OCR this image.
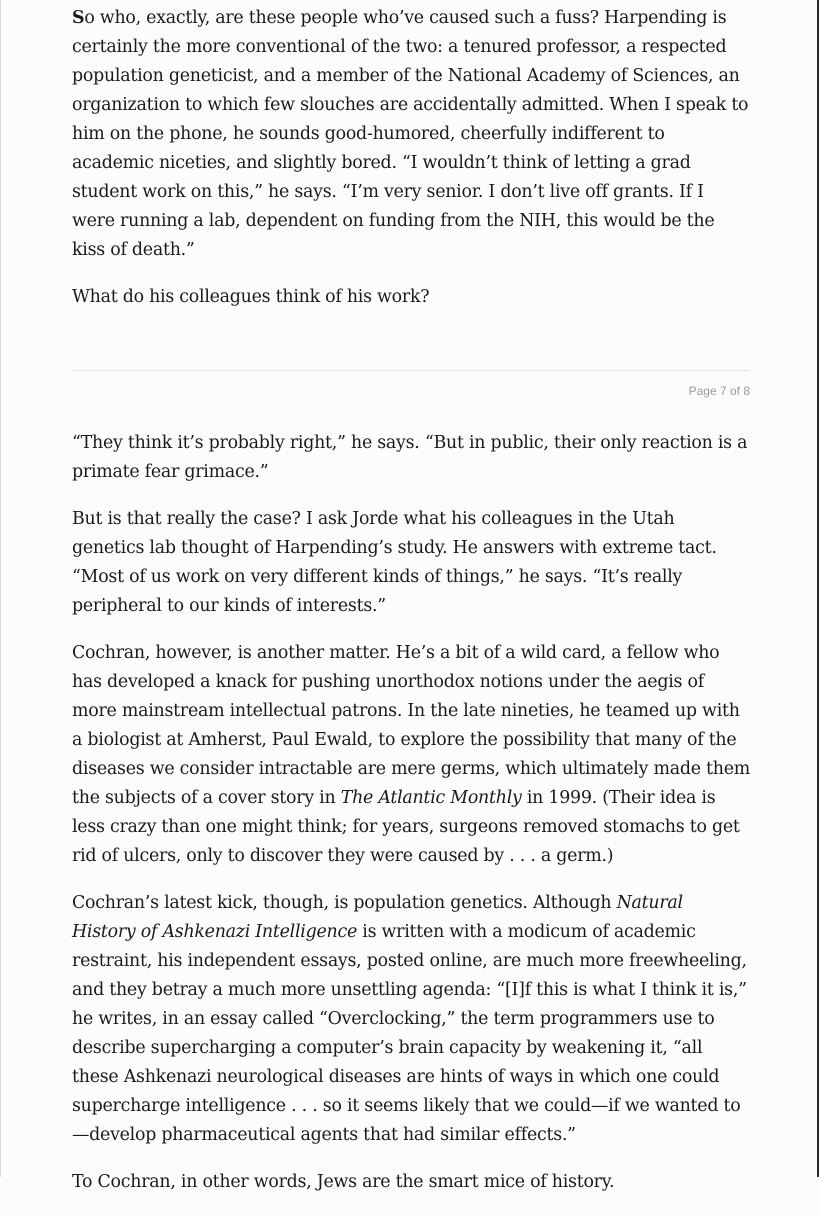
So who, exactly, are these people who’ve caused such a fuss? Harpending is certainly the more conventional of the two: a tenured professor, a respected population geneticist, and a member of the National Academy of Sciences, an organization to which few slouches are accidentally admitted. When I speak to him on the phone, he sounds good-humored, cheerfully indifferent to academic niceties, and slightly bored. “I wouldn’t think of letting a grad student work on this,” he says. “I’m very senior. I don’t live off grants. If I were running a lab, dependent on funding from the NIH, this would be the kiss of death.”

What do his colleagues think of his work?

Page 7 of 8

“They think it’s probably right,” he says. “But in public, their only reaction is a primate fear grimace.”

But is that really the case? I ask Jorde what his colleagues in the Utah genetics lab thought of Harpending’s study. He answers with extreme tact. “Most of us work on very different kinds of things,” he says. “It’s really peripheral to our kinds of interests.”

Cochran, however, is another matter. He’s a bit of a wild card, a fellow who has developed a knack for pushing unorthodox notions under the aegis of more mainstream intellectual patrons. In the late nineties, he teamed up with a biologist at Amherst, Paul Ewald, to explore the possibility that many of the diseases we consider intractable are mere germs, which ultimately made them the subjects of a cover story in The Atlantic Monthly in 1999. (Their idea is less crazy than one might think; for years, surgeons removed stomachs to get rid of ulcers, only to discover they were caused by . . . a germ.)

Cochran’s latest kick, though, is population genetics. Although Natural History of Ashkenazi Intelligence is written with a modicum of academic restraint, his independent essays, posted online, are much more freewheeling, and they betray a much more unsettling agenda: “[I]f this is what I think it is,” he writes, in an essay called “Overclocking,” the term programmers use to describe supercharging a computer’s brain capacity by weakening it, “all these Ashkenazi neurological diseases are hints of ways in which one could supercharge intelligence . . . so it seems likely that we could—if we wanted to—develop pharmaceutical agents that had similar effects.”

To Cochran, in other words, Jews are the smart mice of history.
